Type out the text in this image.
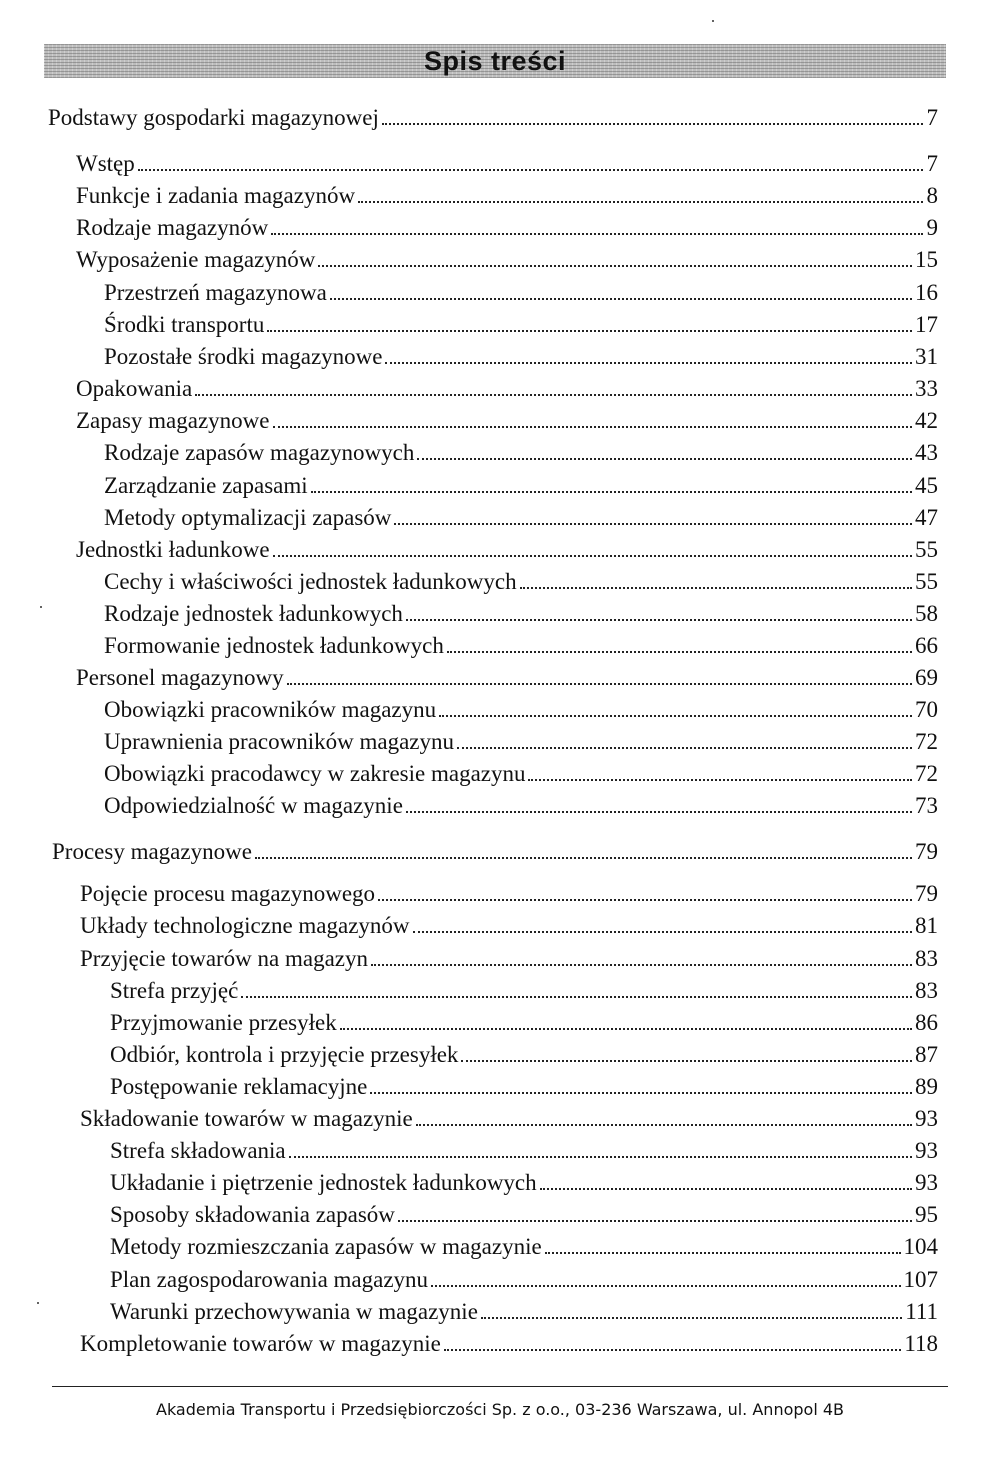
Spis treści
Podstawy gospodarki magazynowej	7
Wstęp	7
Funkcje i zadania magazynów	8
Rodzaje magazynów	9
Wyposażenie magazynów	15
Przestrzeń magazynowa	16
Środki transportu	17
Pozostałe środki magazynowe	31
Opakowania	33
Zapasy magazynowe	42
Rodzaje zapasów magazynowych	43
Zarządzanie zapasami	45
Metody optymalizacji zapasów	47
Jednostki ładunkowe	55
Cechy i właściwości jednostek ładunkowych	55
Rodzaje jednostek ładunkowych	58
Formowanie jednostek ładunkowych	66
Personel magazynowy	69
Obowiązki pracowników magazynu	70
Uprawnienia pracowników magazynu	72
Obowiązki pracodawcy w zakresie magazynu	72
Odpowiedzialność w magazynie	73
Procesy magazynowe	79
Pojęcie procesu magazynowego	79
Układy technologiczne magazynów	81
Przyjęcie towarów na magazyn	83
Strefa przyjęć	83
Przyjmowanie przesyłek	86
Odbiór, kontrola i przyjęcie przesyłek	87
Postępowanie reklamacyjne	89
Składowanie towarów w magazynie	93
Strefa składowania	93
Układanie i piętrzenie jednostek ładunkowych	93
Sposoby składowania zapasów	95
Metody rozmieszczania zapasów w magazynie	104
Plan zagospodarowania magazynu	107
Warunki przechowywania w magazynie	111
Kompletowanie towarów w magazynie	118
Akademia Transportu i Przedsiębiorczości Sp. z o.o., 03-236 Warszawa, ul. Annopol 4B
